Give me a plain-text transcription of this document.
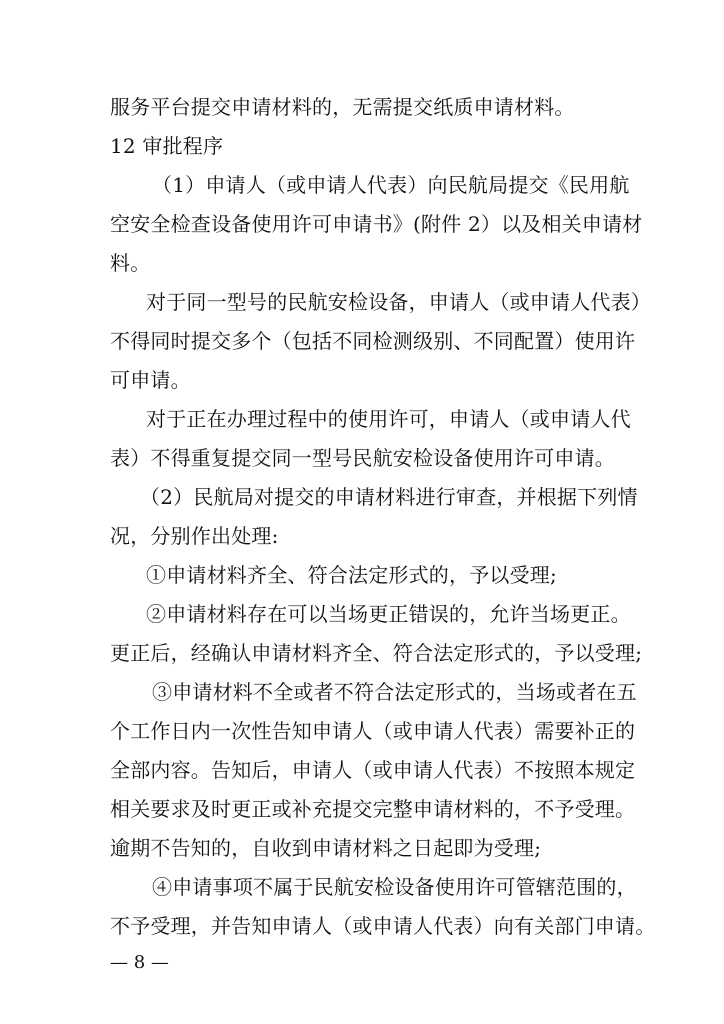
服务平台提交申请材料的，无需提交纸质申请材料。
12 审批程序
（1）申请人（或申请人代表）向民航局提交《民用航
空安全检查设备使用许可申请书》(附件 2）以及相关申请材
料。
对于同一型号的民航安检设备，申请人（或申请人代表）
不得同时提交多个（包括不同检测级别、不同配置）使用许
可申请。
对于正在办理过程中的使用许可，申请人（或申请人代
表）不得重复提交同一型号民航安检设备使用许可申请。
（2）民航局对提交的申请材料进行审查，并根据下列情
况，分别作出处理:
①申请材料齐全、符合法定形式的，予以受理;
②申请材料存在可以当场更正错误的，允许当场更正。
更正后，经确认申请材料齐全、符合法定形式的，予以受理;
③申请材料不全或者不符合法定形式的，当场或者在五
个工作日内一次性告知申请人（或申请人代表）需要补正的
全部内容。告知后，申请人（或申请人代表）不按照本规定
相关要求及时更正或补充提交完整申请材料的，不予受理。
逾期不告知的，自收到申请材料之日起即为受理;
④申请事项不属于民航安检设备使用许可管辖范围的，
不予受理，并告知申请人（或申请人代表）向有关部门申请。
— 8 —
